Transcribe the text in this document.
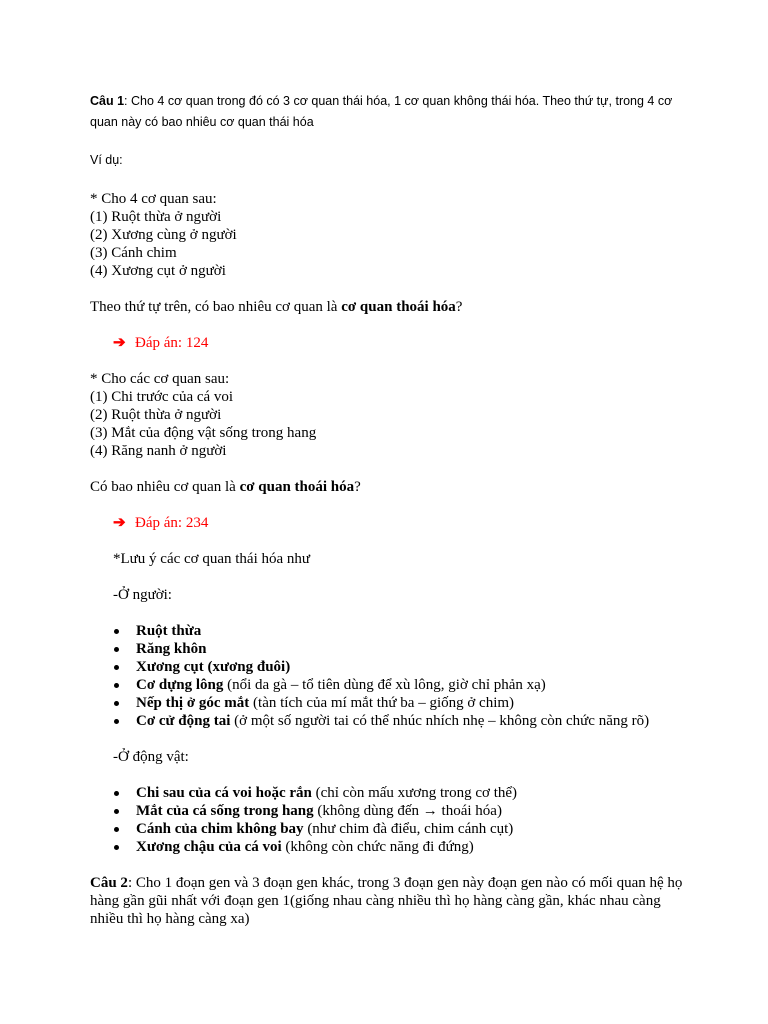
Câu 1: Cho 4 cơ quan trong đó có 3 cơ quan thái hóa, 1 cơ quan không thái hóa. Theo thứ tự, trong 4 cơ quan này có bao nhiêu cơ quan thái hóa

Ví dụ:

* Cho 4 cơ quan sau:

(1) Ruột thừa ở người

(2) Xương cùng ở người

(3) Cánh chim

(4) Xương cụt ở người

Theo thứ tự trên, có bao nhiêu cơ quan là cơ quan thoái hóa?

➔ Đáp án: 124

* Cho các cơ quan sau:

(1) Chi trước của cá voi

(2) Ruột thừa ở người

(3) Mắt của động vật sống trong hang

(4) Răng nanh ở người

Có bao nhiêu cơ quan là cơ quan thoái hóa?

➔ Đáp án: 234

*Lưu ý các cơ quan thái hóa như

-Ở người:

Ruột thừa
Răng khôn
Xương cụt (xương đuôi)
Cơ dựng lông (nổi da gà – tổ tiên dùng để xù lông, giờ chỉ phản xạ)
Nếp thị ở góc mắt (tàn tích của mí mắt thứ ba – giống ở chim)
Cơ cử động tai (ở một số người tai có thể nhúc nhích nhẹ – không còn chức năng rõ)

-Ở động vật:

Chi sau của cá voi hoặc rắn (chỉ còn mấu xương trong cơ thể)
Mắt của cá sống trong hang (không dùng đến → thoái hóa)
Cánh của chim không bay (như chim đà điểu, chim cánh cụt)
Xương chậu của cá voi (không còn chức năng đi đứng)

Câu 2: Cho 1 đoạn gen và 3 đoạn gen khác, trong 3 đoạn gen này đoạn gen nào có mối quan hệ họ hàng gần gũi nhất với đoạn gen 1(giống nhau càng nhiều thì họ hàng càng gần, khác nhau càng nhiều thì họ hàng càng xa)
